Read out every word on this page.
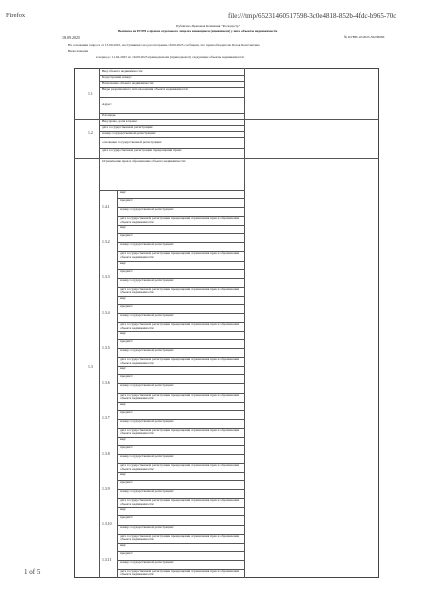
Firefox	file:///tmp/65231460517598-3c0e4818-852b-4fdc-b965-70c
Публично-Правовая Компания "Роскадастр"
Выписка из ЕГРН о правах отдельного лица на имеющиеся (имевшиеся) у него объекты недвижимости
18.09.2025	№ КУВИ-10/2025-56236066
На основании запроса от 15.09.2025, поступившего на рассмотрение 16.09.2025 сообщаем, что правообладателю Козак Константина
Вячеславович
в период с 11.04.2025 по 16.09.2025 принадлежали (принадлежат) следующие объекты недвижимости:
1.1
1.2
1.3
Вид объекта недвижимости:
Кадастровый номер:
Назначение объекта недвижимости:
Виды разрешенного использования объекта недвижимости:
Адрес:
Площадь:
Вид права, доля в праве:
дата государственной регистрации:
номер государственной регистрации:
основание государственной регистрации:
дата государственной регистрации прекращения права:
Ограничение прав и обременение объекта недвижимости:
1.4.1
вид:
предмет:
номер государственной регистрации:
дата государственной регистрации прекращения ограничения прав и обременения объекта недвижимости:
1.3.2
вид:
предмет:
номер государственной регистрации:
дата государственной регистрации прекращения ограничения прав и обременения объекта недвижимости:
1.3.3
вид:
предмет:
номер государственной регистрации:
дата государственной регистрации прекращения ограничения прав и обременения объекта недвижимости:
1.3.4
вид:
предмет:
номер государственной регистрации:
дата государственной регистрации прекращения ограничения прав и обременения объекта недвижимости:
1.3.5
вид:
предмет:
номер государственной регистрации:
дата государственной регистрации прекращения ограничения прав и обременения объекта недвижимости:
1.3.6
вид:
предмет:
номер государственной регистрации:
дата государственной регистрации прекращения ограничения прав и обременения объекта недвижимости:
1.3.7
вид:
предмет:
номер государственной регистрации:
дата государственной регистрации прекращения ограничения прав и обременения объекта недвижимости:
1.3.8
вид:
предмет:
номер государственной регистрации:
дата государственной регистрации прекращения ограничения прав и обременения объекта недвижимости:
1.3.9
вид:
предмет:
номер государственной регистрации:
дата государственной регистрации прекращения ограничения прав и обременения объекта недвижимости:
1.3.10
вид:
предмет:
номер государственной регистрации:
дата государственной регистрации прекращения ограничения прав и обременения объекта недвижимости:
1.3.11
вид:
предмет:
номер государственной регистрации:
дата государственной регистрации прекращения ограничения прав и обременения объекта недвижимости:
1 of 5
